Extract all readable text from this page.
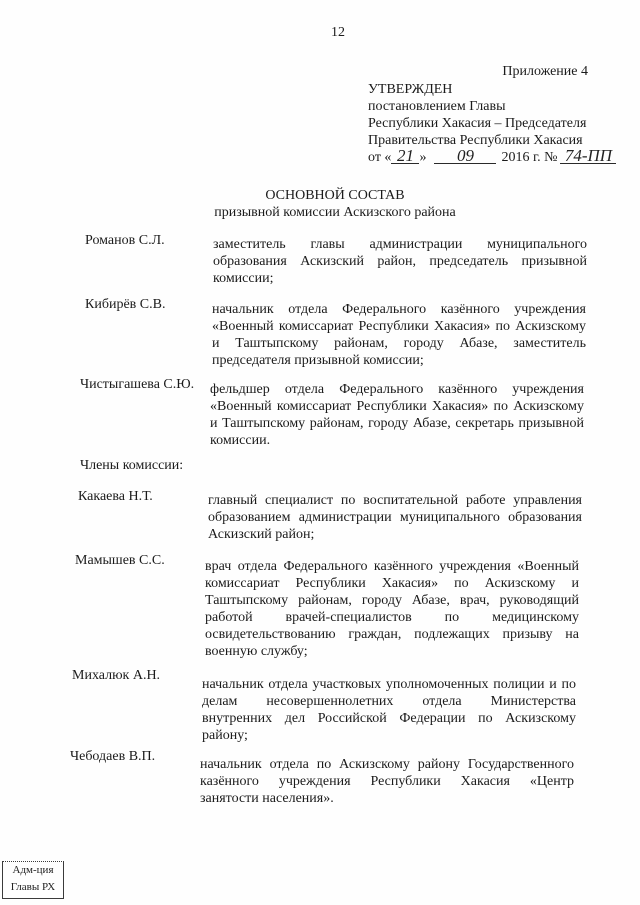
12
Приложение 4
УТВЕРЖДЕН
постановлением Главы
Республики Хакасия – Председателя
Правительства Республики Хакасия
от « 21 » 09 2016 г. № 74-ПП
ОСНОВНОЙ СОСТАВ
призывной комиссии Аскизского района
Романов С.Л.	заместитель главы администрации муниципального
образования Аскизский район, председатель призывной
комиссии;
Кибирёв С.В.	начальник отдела Федерального казённого учреждения
«Военный комиссариат Республики Хакасия» по Аскизскому
и Таштыпскому районам, городу Абазе, заместитель
председателя призывной комиссии;
Чистыгашева С.Ю. фельдшер отдела Федерального казённого учреждения
«Военный комиссариат Республики Хакасия» по Аскизскому
и Таштыпскому районам, городу Абазе, секретарь призывной
комиссии.
Члены комиссии:
Какаева Н.Т.	главный специалист по воспитательной работе управления
образованием администрации муниципального образования
Аскизский район;
Мамышев С.С.	врач отдела Федерального казённого учреждения «Военный
комиссариат Республики Хакасия» по Аскизскому и
Таштыпскому районам, городу Абазе, врач, руководящий
работой врачей-специалистов по медицинскому
освидетельствованию граждан, подлежащих призыву на
военную службу;
Михалюк А.Н.
начальник отдела участковых уполномоченных полиции и по
делам несовершеннолетних отдела Министерства
внутренних дел Российской Федерации по Аскизскому
району;
Чебодаев В.П.
начальник отдела по Аскизскому району Государственного
казённого учреждения Республики Хакасия «Центр
занятости населения».
Адм-ция
Главы РХ
